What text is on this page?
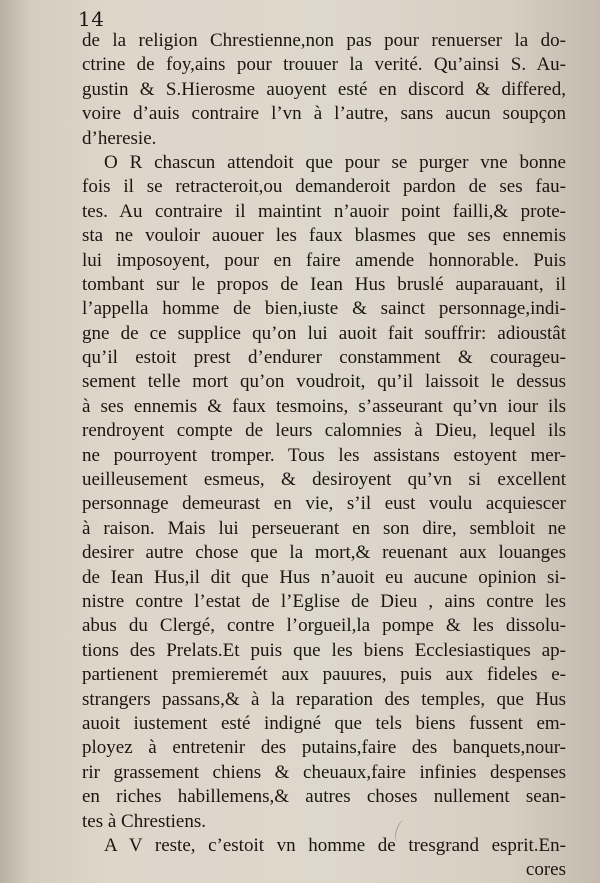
14
de la religion Chrestienne,non pas pour renuerser la do-
ctrine de foy,ains pour trouuer la verité. Qu’ainsi S. Au-
gustin & S.Hierosme auoyent esté en discord & differed,
voire d’auis contraire l’vn à l’autre, sans aucun soupçon
d’heresie.
O R chascun attendoit que pour se purger vne bonne
fois il se retracteroit,ou demanderoit pardon de ses fau-
tes. Au contraire il maintint n’auoir point failli,& prote-
sta ne vouloir auouer les faux blasmes que ses ennemis
lui imposoyent, pour en faire amende honnorable. Puis
tombant sur le propos de Iean Hus bruslé auparauant, il
l’appella homme de bien,iuste & sainct personnage,indi-
gne de ce supplice qu’on lui auoit fait souffrir: adioustât
qu’il estoit prest d’endurer constamment & courageu-
sement telle mort qu’on voudroit, qu’il laissoit le dessus
à ses ennemis & faux tesmoins, s’asseurant qu’vn iour ils
rendroyent compte de leurs calomnies à Dieu, lequel ils
ne pourroyent tromper. Tous les assistans estoyent mer-
ueilleusement esmeus, & desiroyent qu’vn si excellent
personnage demeurast en vie, s’il eust voulu acquiescer
à raison. Mais lui perseuerant en son dire, sembloit ne
desirer autre chose que la mort,& reuenant aux louanges
de Iean Hus,il dit que Hus n’auoit eu aucune opinion si-
nistre contre l’estat de l’Eglise de Dieu , ains contre les
abus du Clergé, contre l’orgueil,la pompe & les dissolu-
tions des Prelats.Et puis que les biens Ecclesiastiques ap-
partienent premieremét aux pauures, puis aux fideles e-
strangers passans,& à la reparation des temples, que Hus
auoit iustement esté indigné que tels biens fussent em-
ployez à entretenir des putains,faire des banquets,nour-
rir grassement chiens & cheuaux,faire infinies despenses
en riches habillemens,& autres choses nullement sean-
tes à Chrestiens.
A V reste, c’estoit vn homme de tresgrand esprit.En-
cores
